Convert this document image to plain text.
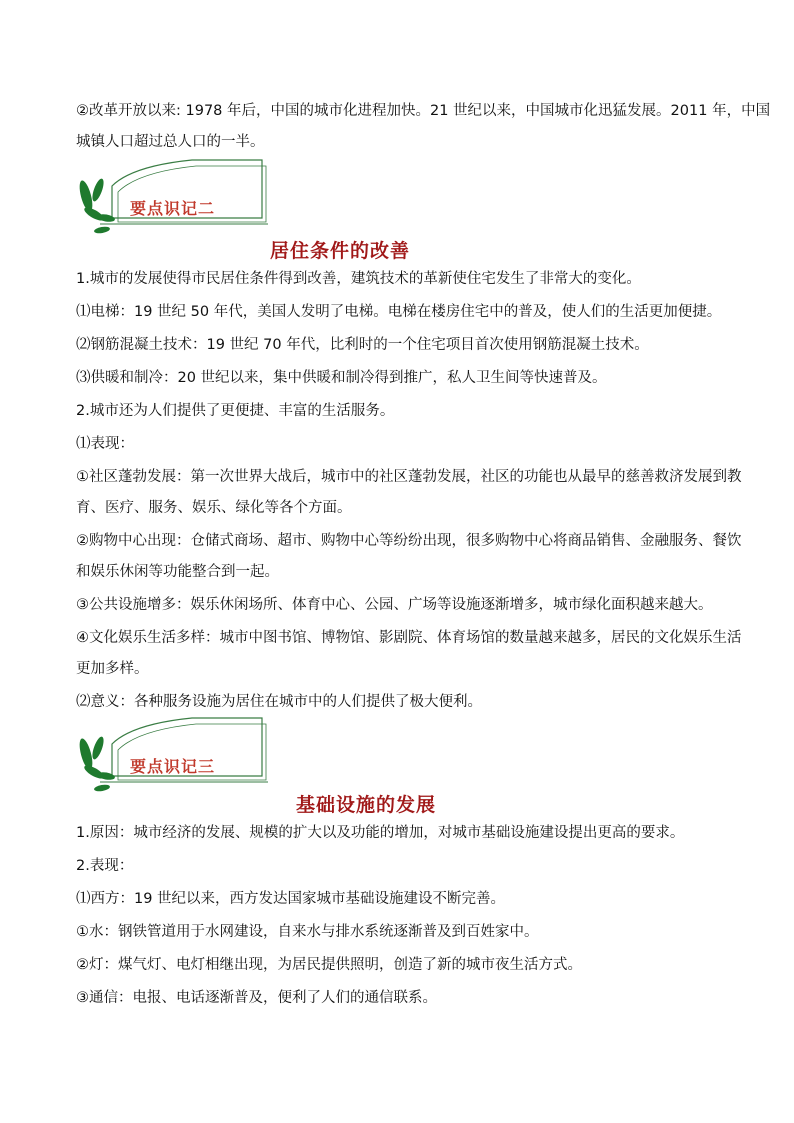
②改革开放以来: 1978 年后，中国的城市化进程加快。21 世纪以来，中国城市化迅猛发展。2011 年，中国
城镇人口超过总人口的一半。
要点识记二
居住条件的改善
1.城市的发展使得市民居住条件得到改善，建筑技术的革新使住宅发生了非常大的变化。
⑴电梯：19 世纪 50 年代，美国人发明了电梯。电梯在楼房住宅中的普及，使人们的生活更加便捷。
⑵钢筋混凝土技术：19 世纪 70 年代，比利时的一个住宅项目首次使用钢筋混凝土技术。
⑶供暖和制冷：20 世纪以来，集中供暖和制冷得到推广，私人卫生间等快速普及。
2.城市还为人们提供了更便捷、丰富的生活服务。
⑴表现：
①社区蓬勃发展：第一次世界大战后，城市中的社区蓬勃发展，社区的功能也从最早的慈善救济发展到教
育、医疗、服务、娱乐、绿化等各个方面。
②购物中心出现：仓储式商场、超市、购物中心等纷纷出现，很多购物中心将商品销售、金融服务、餐饮
和娱乐休闲等功能整合到一起。
③公共设施增多：娱乐休闲场所、体育中心、公园、广场等设施逐渐增多，城市绿化面积越来越大。
④文化娱乐生活多样：城市中图书馆、博物馆、影剧院、体育场馆的数量越来越多，居民的文化娱乐生活
更加多样。
⑵意义：各种服务设施为居住在城市中的人们提供了极大便利。
要点识记三
基础设施的发展
1.原因：城市经济的发展、规模的扩大以及功能的增加，对城市基础设施建设提出更高的要求。
2.表现：
⑴西方：19 世纪以来，西方发达国家城市基础设施建设不断完善。
①水：钢铁管道用于水网建设，自来水与排水系统逐渐普及到百姓家中。
②灯：煤气灯、电灯相继出现，为居民提供照明，创造了新的城市夜生活方式。
③通信：电报、电话逐渐普及，便利了人们的通信联系。
